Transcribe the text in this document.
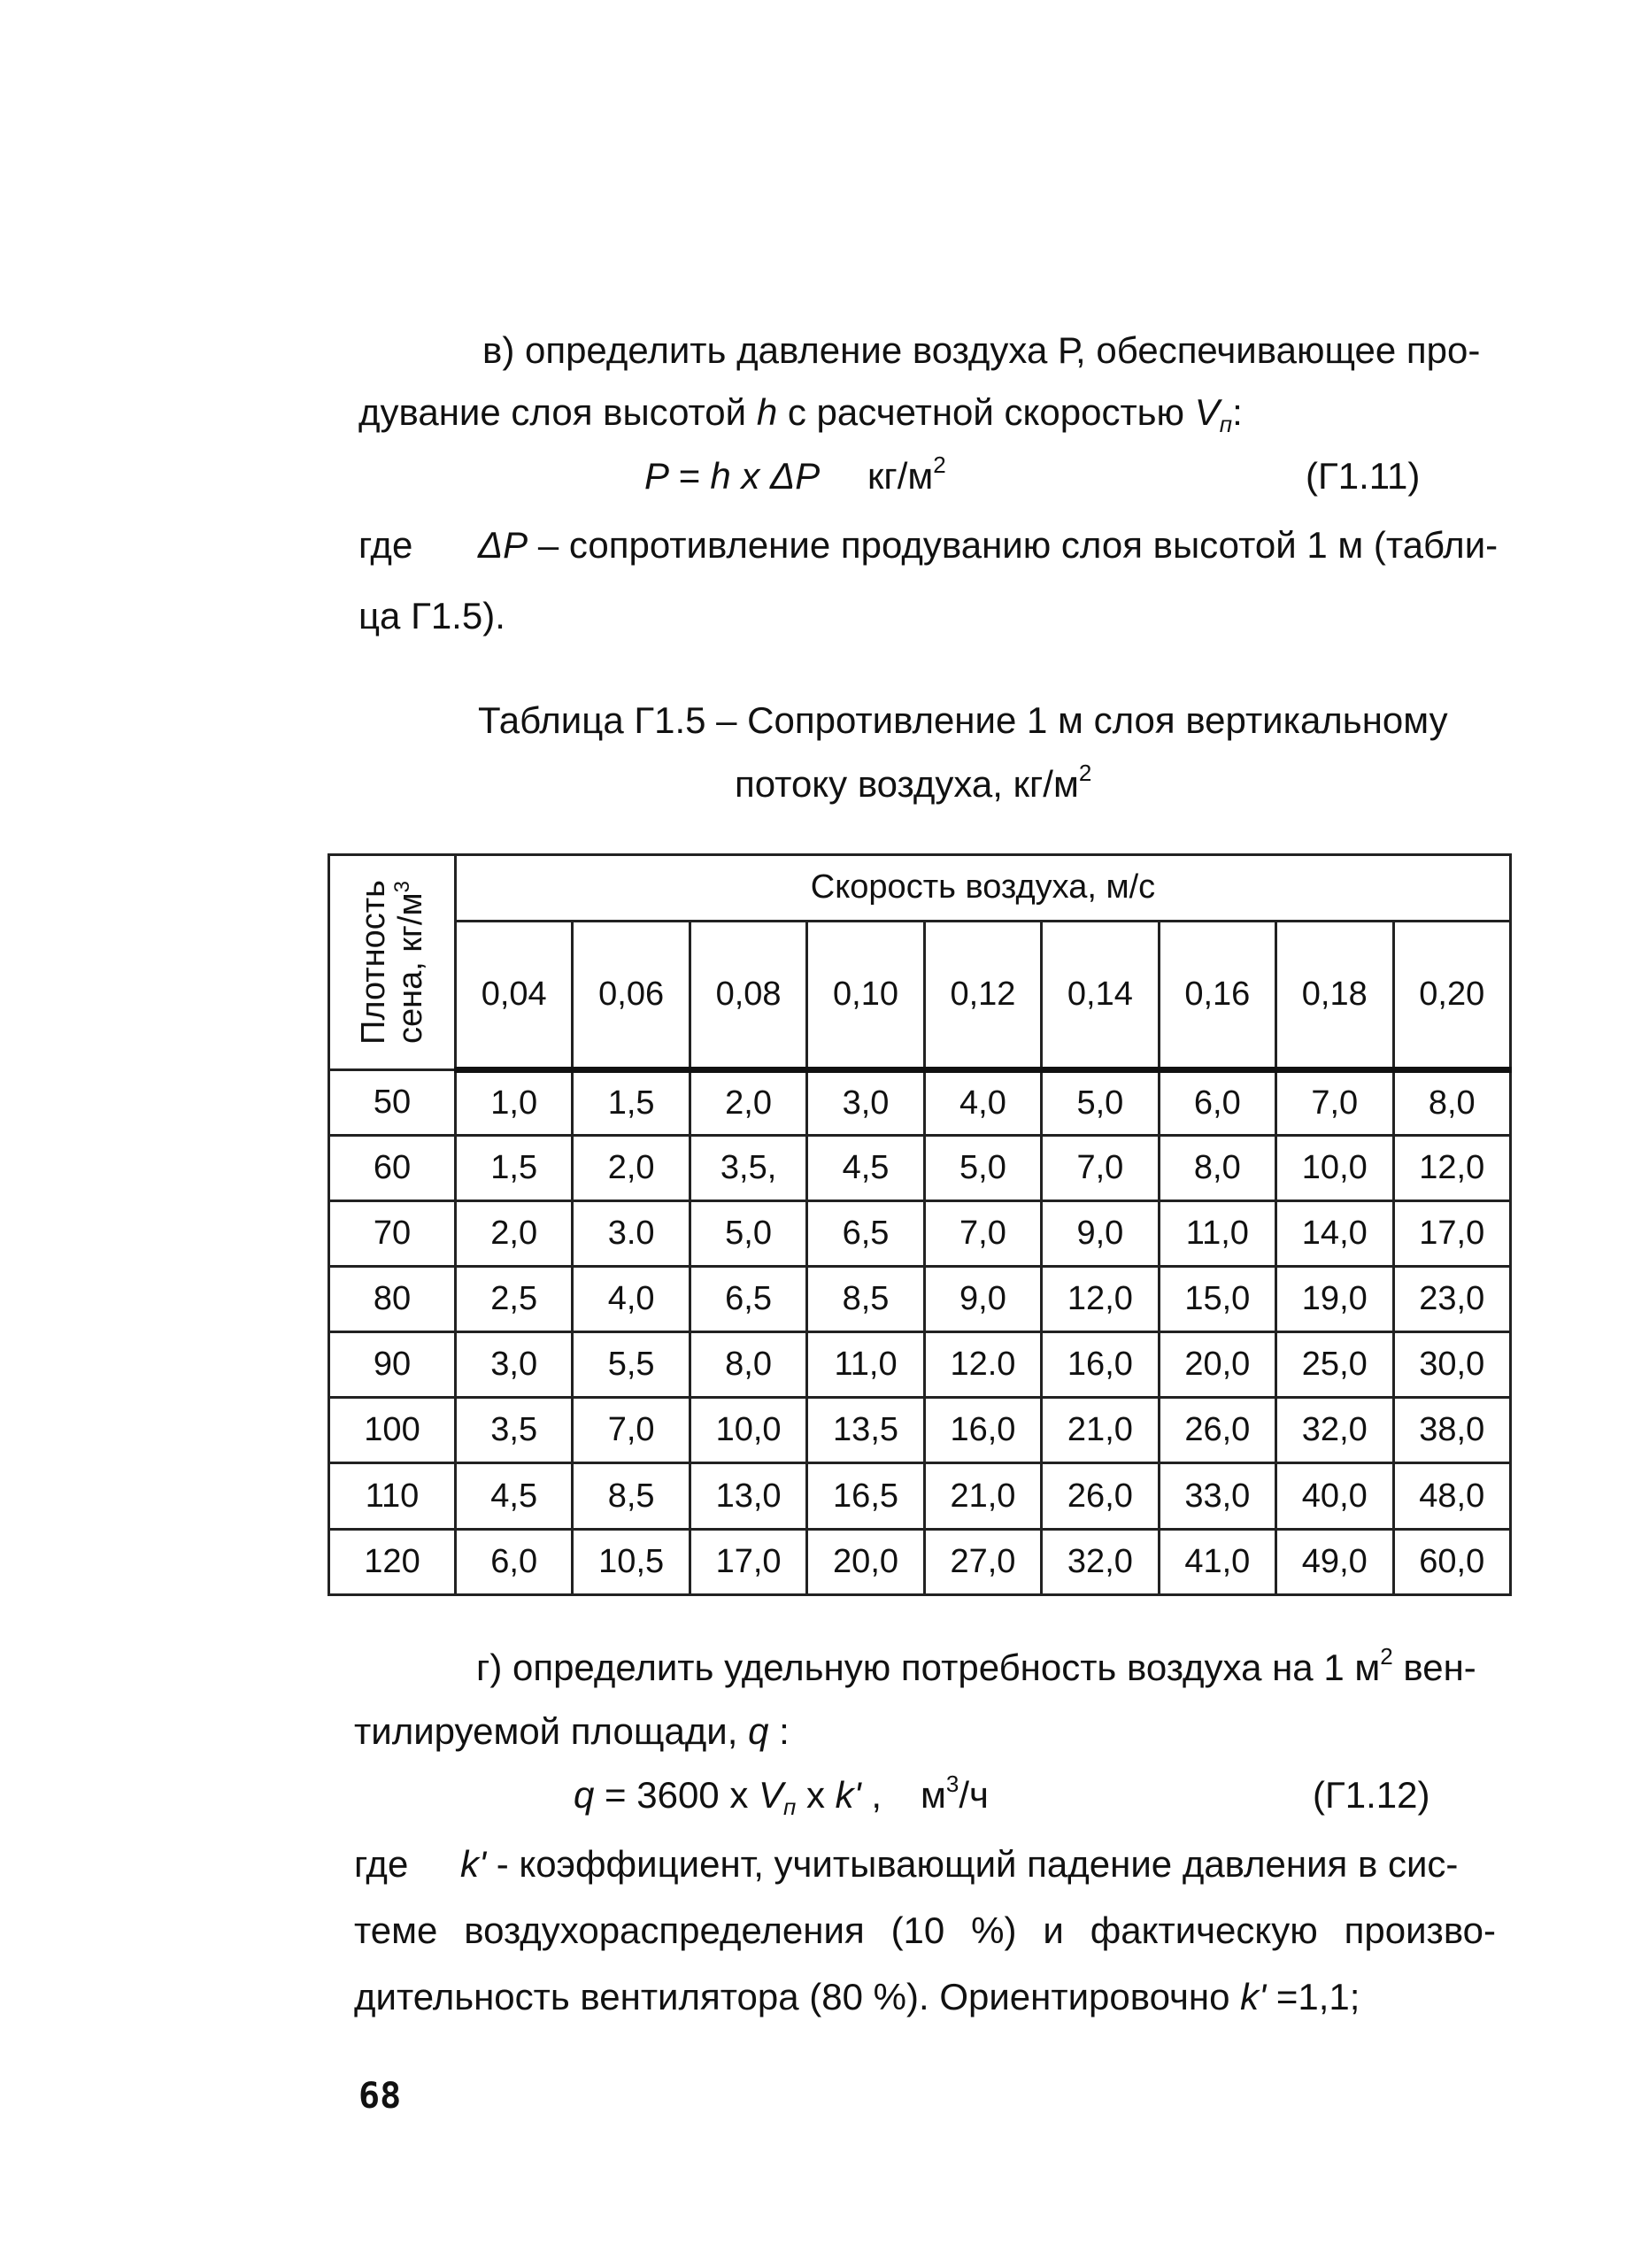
в) определить давление воздуха Р, обеспечивающее про-
дувание слоя высотой h с расчетной скоростью $V_п$:
P = h x ΔP $кг/м^2$	(Г1.11)
где ΔP – сопротивление продуванию слоя высотой 1 м (табли-
ца Г1.5).
Таблица Г1.5 – Сопротивление 1 м слоя вертикальному
потоку воздуха, $кг/м^2$
Плотность сена, $кг/м^3$	Скорость воздуха, м/с								
	0,04	0,06	0,08	0,10	0,12	0,14	0,16	0,18	0,20
50	1,0	1,5	2,0	3,0	4,0	5,0	6,0	7,0	8,0
60	1,5	2,0	3,5,	4,5	5,0	7,0	8,0	10,0	12,0
70	2,0	3.0	5,0	6,5	7,0	9,0	11,0	14,0	17,0
80	2,5	4,0	6,5	8,5	9,0	12,0	15,0	19,0	23,0
90	3,0	5,5	8,0	11,0	12.0	16,0	20,0	25,0	30,0
100	3,5	7,0	10,0	13,5	16,0	21,0	26,0	32,0	38,0
110	4,5	8,5	13,0	16,5	21,0	26,0	33,0	40,0	48,0
120	6,0	10,5	17,0	20,0	27,0	32,0	41,0	49,0	60,0
г) определить удельную потребность воздуха на 1 $м^2$ вен-
тилируемой площади, q :
q = 3600 x $V_п$ x k' , $м^3/ч$	(Г1.12)
где k' - коэффициент, учитывающий падение давления в сис-
теме воздухораспределения (10 %) и фактическую произво-
дительность вентилятора (80 %). Ориентировочно k' =1,1;
68
